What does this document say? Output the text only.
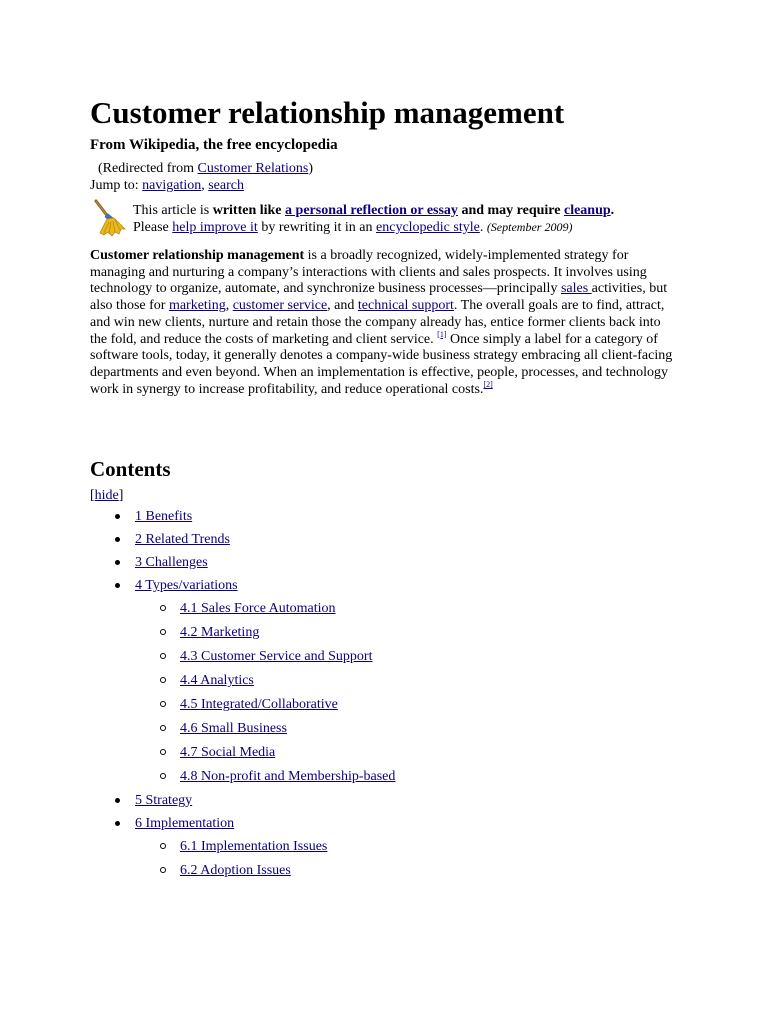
Customer relationship management
From Wikipedia, the free encyclopedia
(Redirected from Customer Relations)
Jump to: navigation, search
This article is written like a personal reflection or essay and may require cleanup.
Please help improve it by rewriting it in an encyclopedic style. (September 2009)
Customer relationship management is a broadly recognized, widely-implemented strategy for managing and nurturing a company’s interactions with clients and sales prospects. It involves using technology to organize, automate, and synchronize business processes—principally sales activities, but also those for marketing, customer service, and technical support. The overall goals are to find, attract, and win new clients, nurture and retain those the company already has, entice former clients back into the fold, and reduce the costs of marketing and client service. [1] Once simply a label for a category of software tools, today, it generally denotes a company-wide business strategy embracing all client-facing departments and even beyond. When an implementation is effective, people, processes, and technology work in synergy to increase profitability, and reduce operational costs.[2]
Contents
[hide]
1 Benefits
2 Related Trends
3 Challenges
4 Types/variations
4.1 Sales Force Automation
4.2 Marketing
4.3 Customer Service and Support
4.4 Analytics
4.5 Integrated/Collaborative
4.6 Small Business
4.7 Social Media
4.8 Non-profit and Membership-based
5 Strategy
6 Implementation
6.1 Implementation Issues
6.2 Adoption Issues
